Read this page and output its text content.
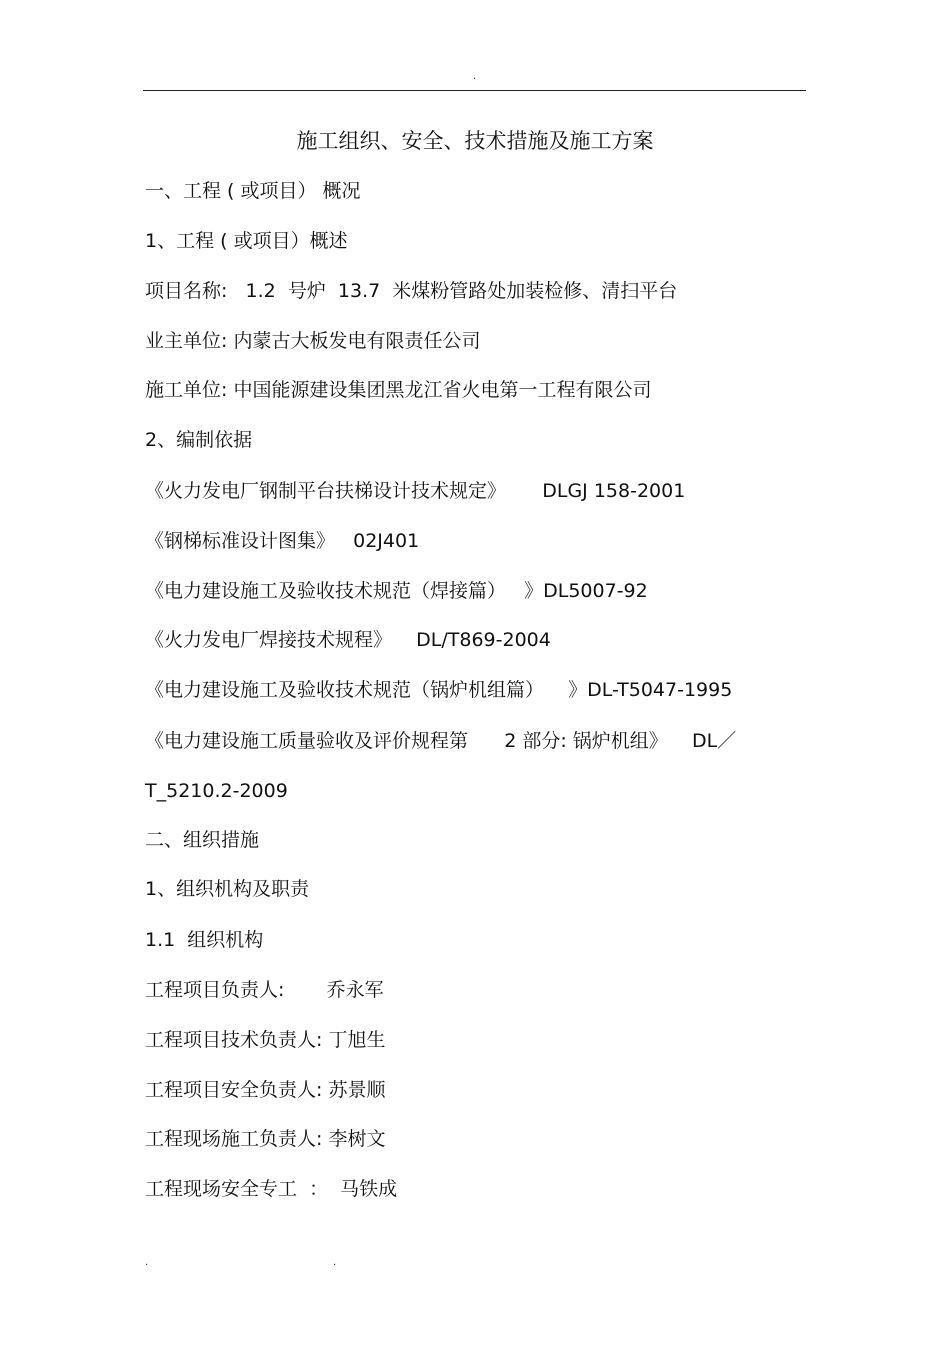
.
施工组织、安全、技术措施及施工方案
一、工程 ( 或项目） 概况
1、工程 ( 或项目）概述
项目名称:   1.2  号炉  13.7  米煤粉管路处加装检修、清扫平台
业主单位: 内蒙古大板发电有限责任公司
施工单位: 中国能源建设集团黑龙江省火电第一工程有限公司
2、编制依据
《火力发电厂钢制平台扶梯设计技术规定》      DLGJ 158-2001
《钢梯标准设计图集》   02J401
《电力建设施工及验收技术规范（焊接篇）   》DL5007-92
《火力发电厂焊接技术规程》    DL/T869-2004
《电力建设施工及验收技术规范（锅炉机组篇）    》DL-T5047-1995
《电力建设施工质量验收及评价规程第      2 部分: 锅炉机组》    DL／
T_5210.2-2009
二、组织措施
1、组织机构及职责
1.1  组织机构
工程项目负责人:       乔永军
工程项目技术负责人: 丁旭生
工程项目安全负责人: 苏景顺
工程现场施工负责人: 李树文
工程现场安全专工  ：  马铁成
.	.
